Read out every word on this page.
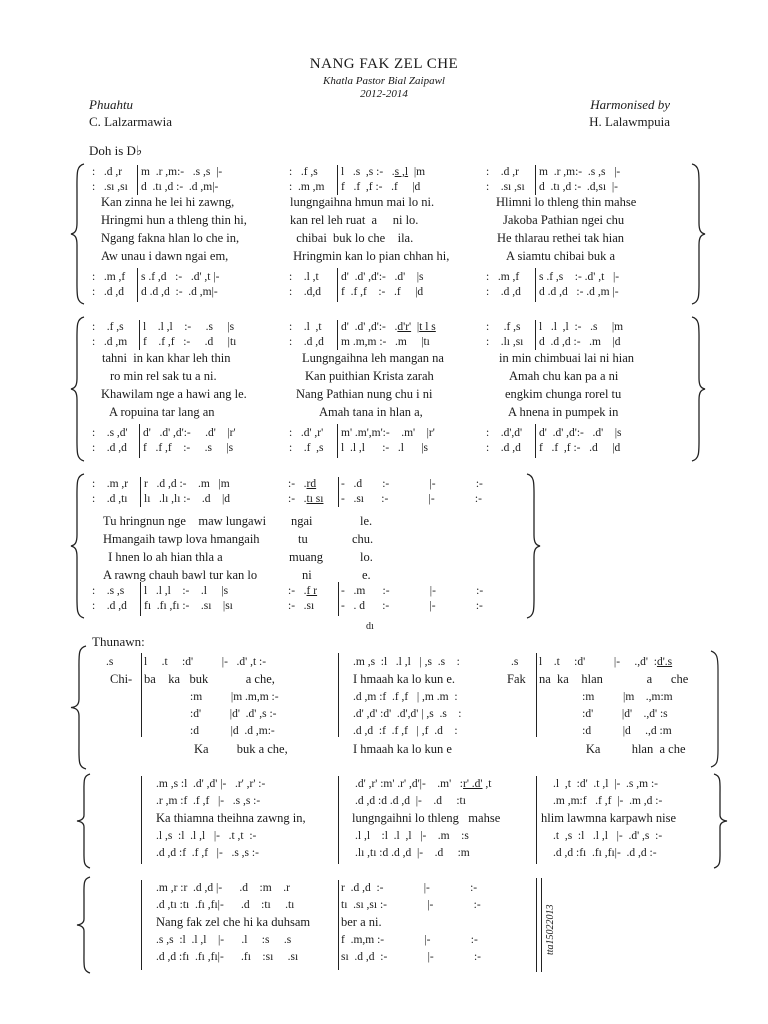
NANG FAK ZEL CHE
Khatla Pastor Bial Zaipawl
2012-2014
Phuahtu
C. Lalzarmawia
Harmonised by
H. Lalawmpuia
Doh is D♭
:   .d ,r
:   .sı ,sı
:   .m ,f
:   .d ,d
m  .r ,m:-   .s ,s  |-
d  .tı ,d :-  .d ,m|-
s .f ,d   :-   .d' ,t |-
d .d ,d  :-  .d ,m|-
:   .f ,s
:  .m ,m
:    .l ,t
:    .d,d
l   .s  ,s :-   .s ,l  |m
f   .f  ,f :-   .f     |d
d'  .d' ,d':-   .d'    |s
f  .f ,f    :-   .f     |d
:    .d ,r
:    .sı ,sı
:   .m ,f
:    .d ,d
m  .r ,m:-  .s ,s   |-
d  .tı ,d :-  .d,sı  |-
s .f ,s    :- .d' ,t   |-
d .d ,d   :- .d ,m |-
Kan zinna he lei hi zawng,
Hringmi hun a thleng thin hi,
Ngang fakna hlan lo che in,
Aw unau i dawn ngai em,
lungngaihna hmun mai lo ni.
kan rel leh ruat  a     ni lo.
chibai  buk lo che    ila.
Hringmin kan lo pian chhan hi,
Hlimni lo thleng thin mahse
Jakoba Pathian ngei chu
He thlarau rethei tak hian
A siamtu chibai buk a
:    .f ,s
:   .d ,m
:    .s ,d'
:    .d ,d
l    .l ,l    :-     .s     |s
f    .f ,f   :-     .d     |tı
d'   .d' ,d':-     .d'    |r'
f   .f ,f    :-     .s     |s
:    .l  ,t
:    .d ,d
:   .d' ,r'
:    .f  ,s
d'  .d' ,d':-   .d'r'  |t l s
m .m,m :-   .m     |tı
m' .m',m':-    .m'    |r'
l  .l ,l      :-   .l      |s
:     .f ,s
:    .lı ,sı
:    .d',d'
:    .d ,d
l   .l  ,l  :-   .s     |m
d  .d ,d :-   .m    |d
d'  .d' ,d':-   .d'    |s
f   .f  ,f :-   .d     |d
tahni  in kan khar leh thin
ro min rel sak tu a ni.
Khawilam nge a hawi ang le.
A ropuina tar lang an
Lungngaihna leh mangan na
Kan puithian Krista zarah
Nang Pathian nung chu i ni
Amah tana in hlan a,
in min chimbuai lai ni hian
Amah chu kan pa a ni
engkim chunga rorel tu
A hnena in pumpek in
:    .m ,r
:    .d ,tı
:    .s ,s
:    .d ,d
r   .d ,d :-    .m   |m
lı   .lı ,lı :-    .d    |d
l   .l ,l    :-    .l     |s
fı  .fı ,fı :-    .sı    |sı
:-   .rd
:-   .tı sı
:-   .f r
:-   .sı
-   .d       :-              |-              :-
-   .sı      :-              |-              :-
-   .m      :-              |-              :-
-   . d      :-              |-              :-
dı
Tu hringnun nge    maw lungawi
Hmangaih tawp lova hmangaih
I hnen lo ah hian thla a
A rawng chauh bawl tur kan lo
ngai
tu
muang
ni
le.
chu.
lo.
e.
Thunawn:
.s
Chi-
l     .t     :d'          |-   .d' ,t :-
ba    ka   buk            a che,
:m          |m .m,m :-
:d'          |d'  .d' ,s :-
:d           |d  .d ,m:-
Ka         buk a che,
.m ,s  :l   .l ,l   | ,s  .s    :
I hmaah ka lo kun e.
.d ,m :f  .f ,f   | ,m .m  :
.d' ,d' :d'  .d',d' | ,s  .s    :
.d ,d  :f  .f ,f   | ,f  .d    :
I hmaah ka lo kun e
.s
Fak
l    .t     :d'          |-     .,d'  :d'.s
na  ka    hlan              a      che
:m          |m    .,m:m
:d'          |d'    .,d' :s
:d           |d     .,d :m
Ka          hlan  a che
.m ,s :l  .d' ,d' |-   .r' ,r' :-
.r ,m :f  .f ,f   |-   .s ,s :-
Ka thiamna theihna zawng in,
.l ,s  :l  .l ,l   |-   .t ,t  :-
.d ,d :f  .f ,f   |-   .s ,s :-
.d' ,r' :m' .r' ,d'|-    .m'   :r' .d' ,t
.d ,d :d .d ,d  |-    .d     :tı
lungngaihni lo thleng   mahse
.l ,l    :l  .l  ,l   |-    .m    :s
.lı ,tı :d .d ,d  |-    .d     :m
.l  ,t  :d'  .t ,l  |-  .s ,m :-
.m ,m:f   .f ,f  |-  .m ,d :-
hlim lawmna karpawh nise
.t  ,s  :l   .l ,l   |-  .d' ,s  :-
.d ,d :fı  .fı ,fı|-  .d ,d :-
.m ,r :r  .d ,d |-      .d    :m    .r
.d ,tı :tı  .fı ,fı|-      .d    :tı     .tı
Nang fak zel che hi ka duhsam
.s ,s  :l  .l ,l    |-      .l     :s     .s
.d ,d :fı  .fı ,fı|-      .fı    :sı     .sı
r  .d ,d  :-              |-              :-
tı  .sı ,sı :-              |-              :-
ber a ni.
f  .m,m :-              |-              :-
sı  .d ,d  :-              |-              :-
tta15022013
